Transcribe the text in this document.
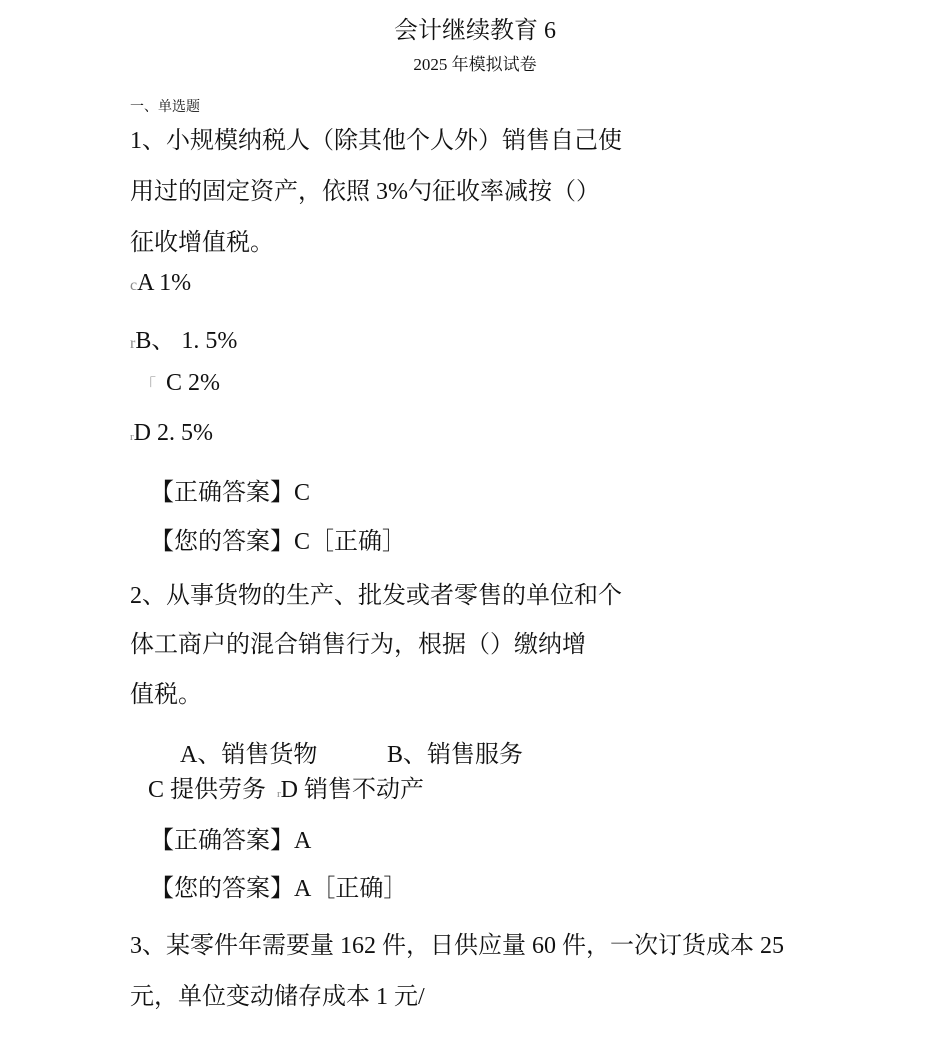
会计继续教育 6
2025 年模拟试卷
一、单选题
1、小规模纳税人（除其他个人外）销售自己使
用过的固定资产，依照 3%勺征收率减按（）
征收增值税。
cA 1%
rB、 1. 5%
「 C 2%
rD 2. 5%
【正确答案】C
【您的答案】C［正确］
2、从事货物的生产、批发或者零售的单位和个
体工商户的混合销售行为，根据（）缴纳增
值税。
A、销售货物	B、销售服务
C 提供劳务 rD 销售不动产
【正确答案】A
【您的答案】A［正确］
3、某零件年需要量 162 件，日供应量 60 件，一次订货成本 25
元，单位变动储存成本 1 元/
